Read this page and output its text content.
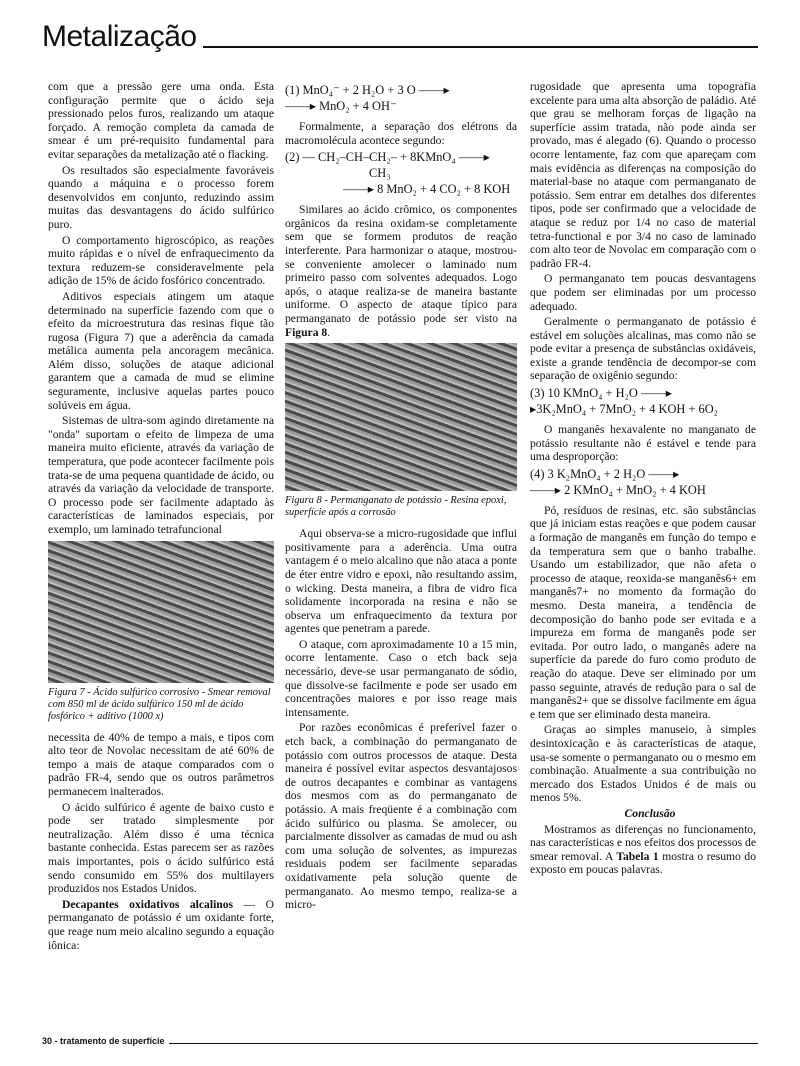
Metalização

com que a pressão gere uma onda. Esta configuração permite que o ácido seja pressionado pelos furos, realizando um ataque forçado. A remoção completa da camada de smear é um pré-requisito fundamental para evitar separações da metalização até o flacking.

Os resultados são especialmente favoráveis quando a máquina e o processo forem desenvolvidos em conjunto, reduzindo assim muitas das desvantagens do ácido sulfúrico puro.

O comportamento higroscópico, as reações muito rápidas e o nível de enfraquecimento da textura reduzem-se consideravelmente pela adição de 15% de ácido fosfórico concentrado.

Aditivos especiais atingem um ataque determinado na superfície fazendo com que o efeito da microestrutura das resinas fique tão rugosa (Figura 7) que a aderência da camada metálica aumenta pela ancoragem mecânica. Além disso, soluções de ataque adicional garantem que a camada de mud se elimine seguramente, inclusive aquelas partes pouco solúveis em água.

Sistemas de ultra-som agindo diretamente na "onda" suportam o efeito de limpeza de uma maneira muito eficiente, através da variação de temperatura, que pode acontecer facilmente pois trata-se de uma pequena quantidade de ácido, ou através da variação da velocidade de transporte. O processo pode ser facilmente adaptado às características de laminados especiais, por exemplo, um laminado tetrafuncional

Figura 7 - Ácido sulfúrico corrosivo - Smear removal com 850 ml de ácido sulfúrico 150 ml de ácido fosfórico + aditivo (1000 x)

necessita de 40% de tempo a mais, e tipos com alto teor de Novolac necessitam de até 60% de tempo a mais de ataque comparados com o padrão FR-4, sendo que os outros parâmetros permanecem inalterados.

O ácido sulfúrico é agente de baixo custo e pode ser tratado simplesmente por neutralização. Além disso é uma técnica bastante conhecida. Estas parecem ser as razões mais importantes, pois o ácido sulfúrico está sendo consumido em 55% dos multilayers produzidos nos Estados Unidos.

Decapantes oxidativos alcalinos — O permanganato de potássio é um oxidante forte, que reage num meio alcalino segundo a equação iônica:

(1) MnO₄⁻ + 2 H₂O + 3 O ——▸
——▸ MnO₂ + 4 OH⁻

Formalmente, a separação dos elétrons da macromolécula acontece segundo:

(2) — CH₂–CH–CH₂– + 8KMnO₄ ——▸
CH₃
——▸ 8 MnO₂ + 4 CO₂ + 8 KOH

Similares ao ácido crômico, os componentes orgânicos da resina oxidam-se completamente sem que se formem produtos de reação interferente. Para harmonizar o ataque, mostrou-se conveniente amolecer o laminado num primeiro passo com solventes adequados. Logo após, o ataque realiza-se de maneira bastante uniforme. O aspecto de ataque típico para permanganato de potássio pode ser visto na Figura 8.

Figura 8 - Permanganato de potássio - Resina epoxi, superfície após a corrosão

Aqui observa-se a micro-rugosidade que influi positivamente para a aderência. Uma outra vantagem é o meio alcalino que não ataca a ponte de éter entre vidro e epoxi, não resultando assim, o wicking. Desta maneira, a fibra de vidro fica solidamente incorporada na resina e não se observa um enfraquecimento da textura por agentes que penetram a parede.

O ataque, com aproximadamente 10 a 15 min, ocorre lentamente. Caso o etch back seja necessário, deve-se usar permanganato de sódio, que dissolve-se facilmente e pode ser usado em concentrações maiores e por isso reage mais intensamente.

Por razões econômicas é preferível fazer o etch back, a combinação do permanganato de potássio com outros processos de ataque. Desta maneira é possível evitar aspectos desvantajosos de outros decapantes e combinar as vantagens dos mesmos com as do permanganato de potássio. A mais freqüente é a combinação com ácido sulfúrico ou plasma. Se amolecer, ou parcialmente dissolver as camadas de mud ou ash com uma solução de solventes, as impurezas residuais podem ser facilmente separadas oxidativamente pela solução quente de permanganato. Ao mesmo tempo, realiza-se a micro-

rugosidade que apresenta uma topografia excelente para uma alta absorção de paládio. Até que grau se melhoram forças de ligação na superfície assim tratada, não pode ainda ser provado, mas é alegado (6). Quando o processo ocorre lentamente, faz com que apareçam com mais evidência as diferenças na composição do material-base no ataque com permanganato de potássio. Sem entrar em detalhes dos diferentes tipos, pode ser confirmado que a velocidade de ataque se reduz por 1/4 no caso de material tetra-functional e por 3/4 no caso de laminado com alto teor de Novolac em comparação com o padrão FR-4.

O permanganato tem poucas desvantagens que podem ser eliminadas por um processo adequado.

Geralmente o permanganato de potássio é estável em soluções alcalinas, mas como não se pode evitar a presença de substâncias oxidáveis, existe a grande tendência de decompor-se com separação de oxigênio segundo:

(3) 10 KMnO₄ + H₂O ——▸
▸3K₂MnO₄ + 7MnO₂ + 4 KOH + 6O₂

O manganês hexavalente no manganato de potássio resultante não é estável e tende para uma desproporção:

(4) 3 K₂MnO₄ + 2 H₂O ——▸
——▸ 2 KMnO₄ + MnO₂ + 4 KOH

Pó, resíduos de resinas, etc. são substâncias que já iniciam estas reações e que podem causar a formação de manganês em função do tempo e da temperatura sem que o banho trabalhe. Usando um estabilizador, que não afeta o processo de ataque, reoxida-se manganês6+ em manganês7+ no momento da formação do mesmo. Desta maneira, a tendência de decomposição do banho pode ser evitada e a impureza em forma de manganês pode ser evitada. Por outro lado, o manganês adere na superfície da parede do furo como produto de reação do ataque. Deve ser eliminado por um passo seguinte, através de redução para o sal de manganês2+ que se dissolve facilmente em água e tem que ser eliminado desta maneira.

Graças ao simples manuseio, à simples desintoxicação e às características de ataque, usa-se somente o permanganato ou o mesmo em combinação. Atualmente a sua contribuição no mercado dos Estados Unidos é de mais ou menos 5%.

Conclusão

Mostramos as diferenças no funcionamento, nas características e nos efeitos dos processos de smear removal. A Tabela 1 mostra o resumo do exposto em poucas palavras.

30 - tratamento de superfície
